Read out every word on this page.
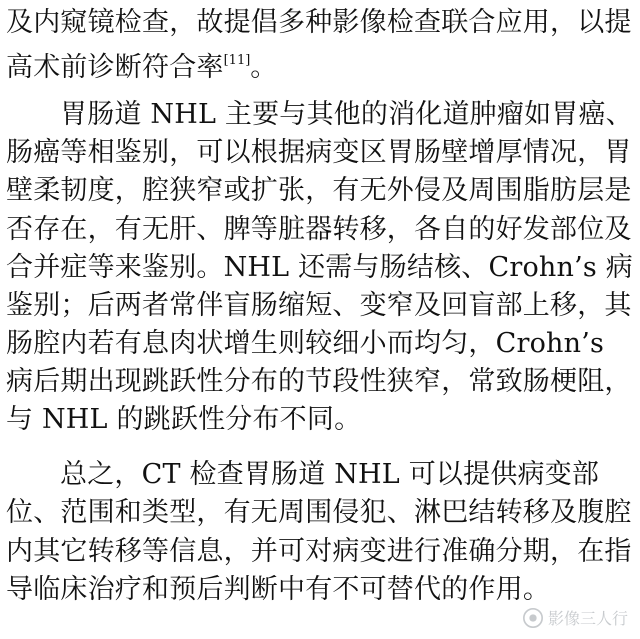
及内窥镜检查，故提倡多种影像检查联合应用，以提
高术前诊断符合率[11]。
胃肠道 NHL 主要与其他的消化道肿瘤如胃癌、
肠癌等相鉴别，可以根据病变区胃肠壁增厚情况，胃
壁柔韧度，腔狭窄或扩张，有无外侵及周围脂肪层是
否存在，有无肝、脾等脏器转移，各自的好发部位及
合并症等来鉴别。NHL 还需与肠结核、Crohn’s 病
鉴别；后两者常伴盲肠缩短、变窄及回盲部上移，其
肠腔内若有息肉状增生则较细小而均匀，Crohn’s
病后期出现跳跃性分布的节段性狭窄，常致肠梗阻，
与 NHL 的跳跃性分布不同。
总之，CT 检查胃肠道 NHL 可以提供病变部
位、范围和类型，有无周围侵犯、淋巴结转移及腹腔
内其它转移等信息，并可对病变进行准确分期，在指
导临床治疗和预后判断中有不可替代的作用。
影像三人行
